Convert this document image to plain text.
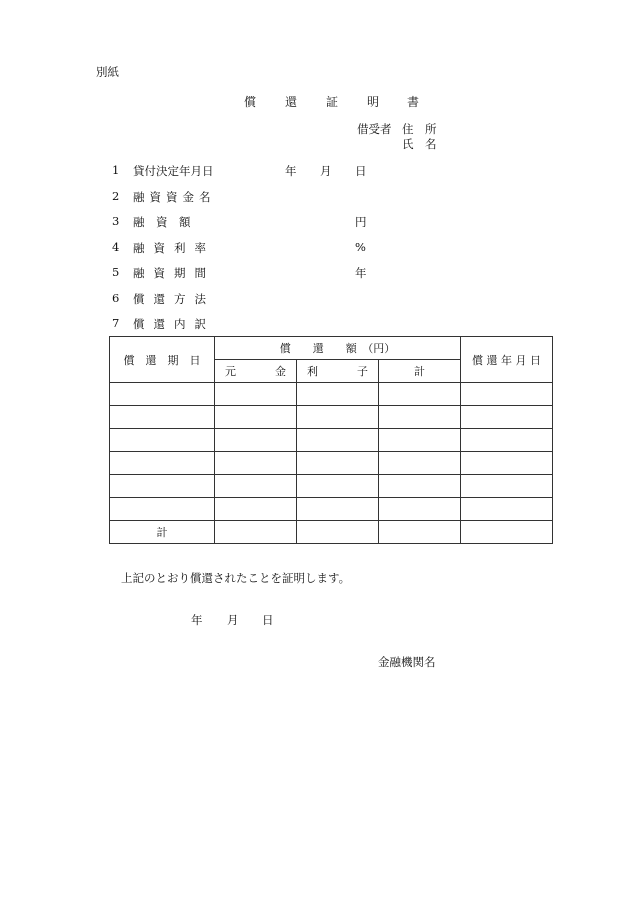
別紙
償 還 証 明 書
借受者 住　所
氏　名
1 貸付決定年月日	年 月 日
2 融資資金名
3 融　資　額	円
4 融資利率	%
5 融資期間	年
6 償還方法
7 償還内訳
償　還　期　日	償　　還　　額　（円）			償 還 年 月 日

	元 金	利 子	計	

計				
上記のとおり償還されたことを証明します。
年 月 日
金融機関名
